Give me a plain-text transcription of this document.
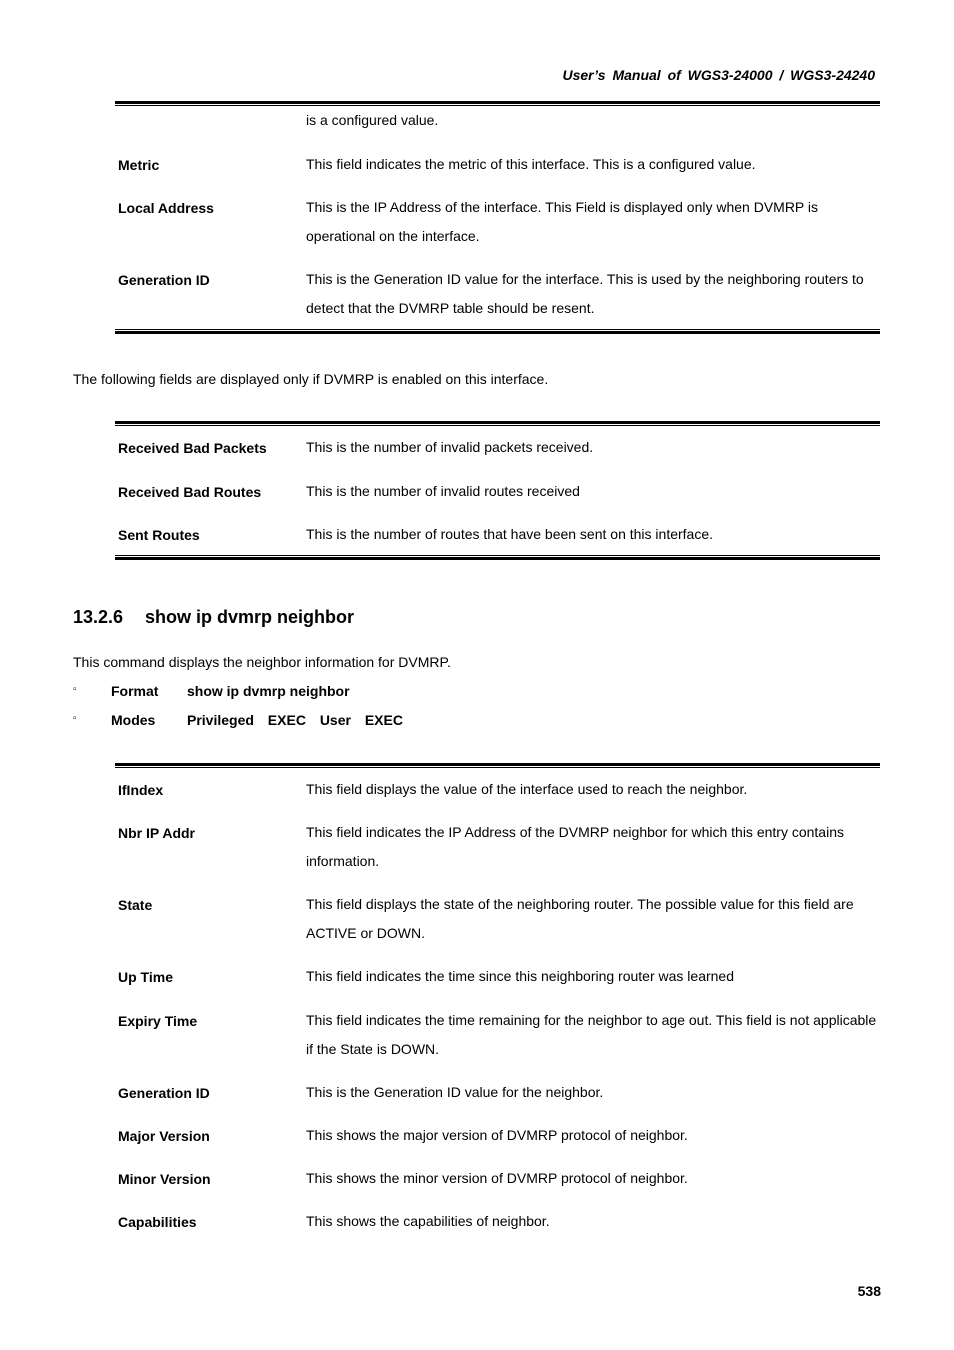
User’s Manual of WGS3-24000 / WGS3-24240
is a configured value.
Metric	This field indicates the metric of this interface. This is a configured value.
Local Address	This is the IP Address of the interface. This Field is displayed only when DVMRP is operational on the interface.
Generation ID	This is the Generation ID value for the interface. This is used by the neighboring routers to detect that the DVMRP table should be resent.
The following fields are displayed only if DVMRP is enabled on this interface.
Received Bad Packets	This is the number of invalid packets received.
Received Bad Routes	This is the number of invalid routes received
Sent Routes	This is the number of routes that have been sent on this interface.
13.2.6 show ip dvmrp neighbor
This command displays the neighbor information for DVMRP.
▫ Format show ip dvmrp neighbor
▫ Modes Privileged EXEC User EXEC
IfIndex	This field displays the value of the interface used to reach the neighbor.
Nbr IP Addr	This field indicates the IP Address of the DVMRP neighbor for which this entry contains information.
State	This field displays the state of the neighboring router. The possible value for this field are ACTIVE or DOWN.
Up Time	This field indicates the time since this neighboring router was learned
Expiry Time	This field indicates the time remaining for the neighbor to age out. This field is not applicable if the State is DOWN.
Generation ID	This is the Generation ID value for the neighbor.
Major Version	This shows the major version of DVMRP protocol of neighbor.
Minor Version	This shows the minor version of DVMRP protocol of neighbor.
Capabilities	This shows the capabilities of neighbor.
538
